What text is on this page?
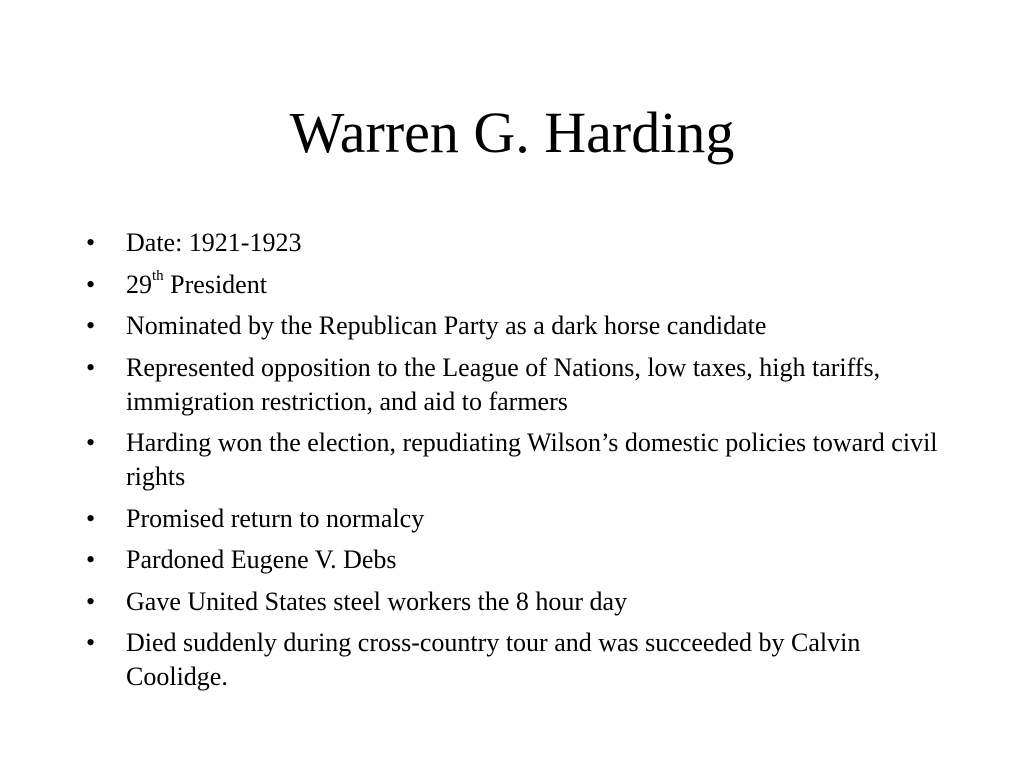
Warren G. Harding
•	Date: 1921-1923
•	29th President
•	Nominated by the Republican Party as a dark horse candidate
•	Represented opposition to the League of Nations, low taxes, high tariffs, immigration restriction, and aid to farmers
•	Harding won the election, repudiating Wilson’s domestic policies toward civil rights
•	Promised return to normalcy
•	Pardoned Eugene V. Debs
•	Gave United States steel workers the 8 hour day
•	Died suddenly during cross-country tour and was succeeded by Calvin Coolidge.
